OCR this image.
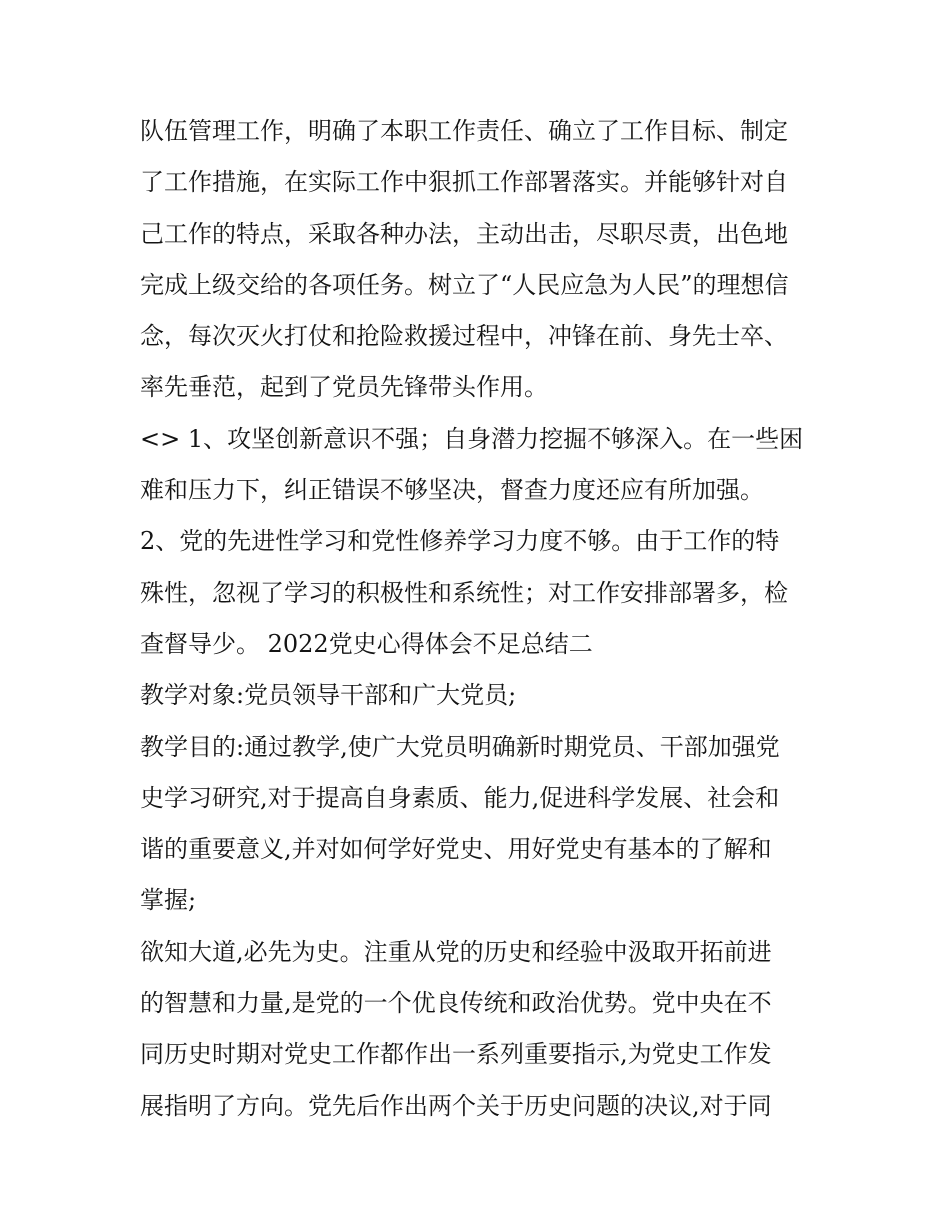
队伍管理工作，明确了本职工作责任、确立了工作目标、制定
了工作措施，在实际工作中狠抓工作部署落实。并能够针对自
己工作的特点，采取各种办法，主动出击，尽职尽责，出色地
完成上级交给的各项任务。树立了“人民应急为人民”的理想信
念，每次灭火打仗和抢险救援过程中，冲锋在前、身先士卒、
率先垂范，起到了党员先锋带头作用。
<> 1、攻坚创新意识不强；自身潜力挖掘不够深入。在一些困
难和压力下，纠正错误不够坚决，督查力度还应有所加强。
2、党的先进性学习和党性修养学习力度不够。由于工作的特
殊性，忽视了学习的积极性和系统性；对工作安排部署多，检
查督导少。 2022党史心得体会不足总结二
教学对象:党员领导干部和广大党员;
教学目的:通过教学,使广大党员明确新时期党员、干部加强党
史学习研究,对于提高自身素质、能力,促进科学发展、社会和
谐的重要意义,并对如何学好党史、用好党史有基本的了解和
掌握;
欲知大道,必先为史。注重从党的历史和经验中汲取开拓前进
的智慧和力量,是党的一个优良传统和政治优势。党中央在不
同历史时期对党史工作都作出一系列重要指示,为党史工作发
展指明了方向。党先后作出两个关于历史问题的决议,对于同
